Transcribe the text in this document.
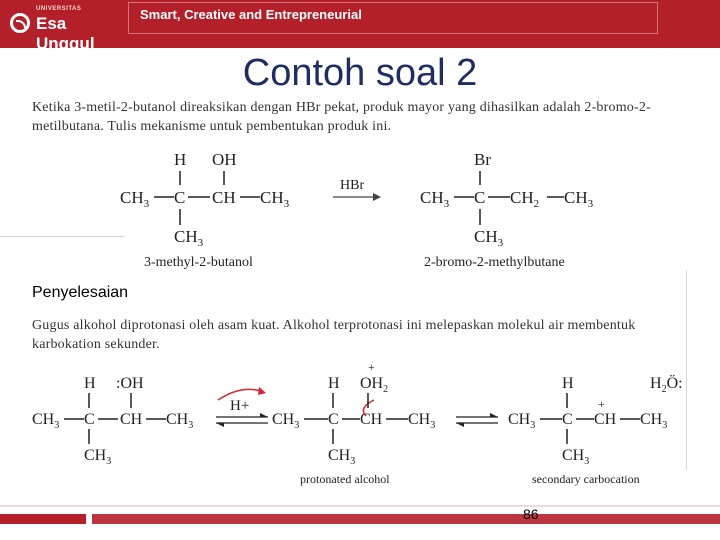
UNIVERSITAS
Esa Unggul
Smart, Creative and Entrepreneurial
Contoh soal 2
Ketika 3-metil-2-butanol direaksikan dengan HBr pekat, produk mayor yang dihasilkan adalah 2-bromo-2-metilbutana. Tulis mekanisme untuk pembentukan produk ini.
H OH
$CH_3$ C CH $CH_3$
$CH_3$
3-methyl-2-butanol
HBr
Br
$CH_3$ C $CH_2$ $CH_3$
$CH_3$
2-bromo-2-methylbutane
Penyelesaian
Gugus alkohol diprotonasi oleh asam kuat. Alkohol terprotonasi ini melepaskan molekul air membentuk karbokation sekunder.
H :OH
$CH_3$ C CH $CH_3$
$CH_3$
H+
+
H $OH_2$
$CH_3$ C CH $CH_3$
$CH_3$
protonated alcohol
H
$CH_3$ C
+
CH $CH_3$
$CH_3$
$H_2Ö$:
secondary carbocation
86
